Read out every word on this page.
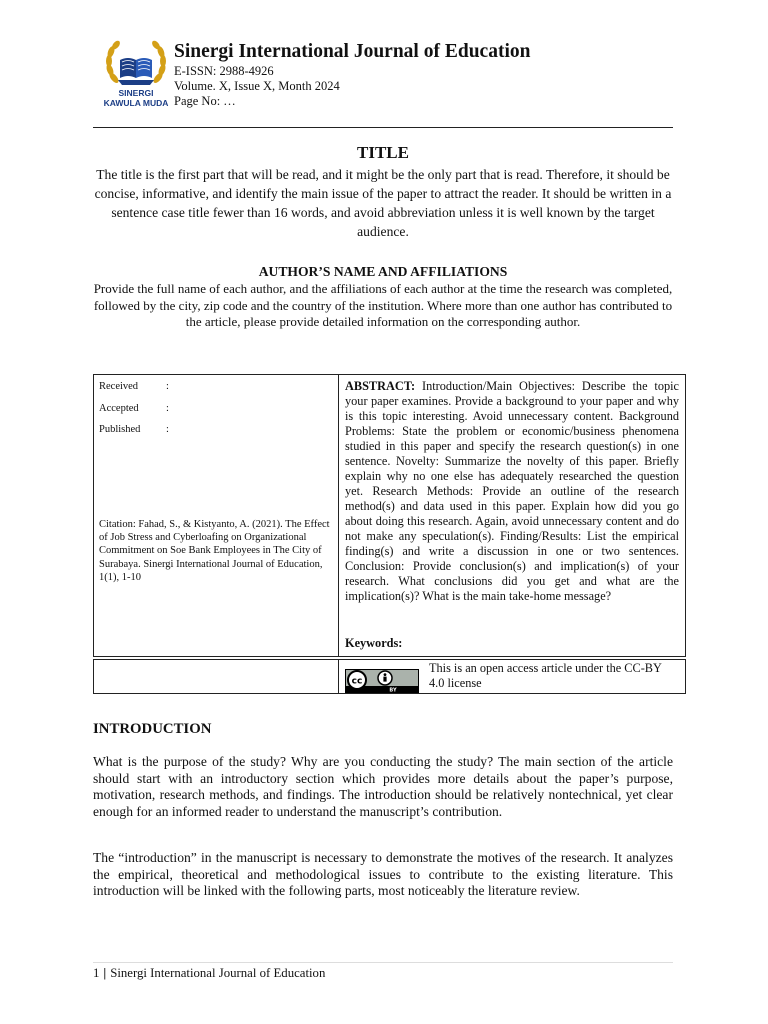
SINERGI
KAWULA MUDA
Sinergi International Journal of Education
E-ISSN: 2988-4926
Volume. X, Issue X, Month 2024
Page No: …
TITLE
The title is the first part that will be read, and it might be the only part that is read. Therefore, it should be concise, informative, and identify the main issue of the paper to attract the reader. It should be written in a sentence case title fewer than 16 words, and avoid abbreviation unless it is well known by the target audience.
AUTHOR’S NAME AND AFFILIATIONS
Provide the full name of each author, and the affiliations of each author at the time the research was completed, followed by the city, zip code and the country of the institution. Where more than one author has contributed to the article, please provide detailed information on the corresponding author.
Received	:
Accepted	:
Published :
Citation: Fahad, S., & Kistyanto, A. (2021). The Effect of Job Stress and Cyberloafing on Organizational Commitment on Soe Bank Employees in The City of Surabaya. Sinergi International Journal of Education, 1(1), 1-10
ABSTRACT: Introduction/Main Objectives: Describe the topic your paper examines. Provide a background to your paper and why is this topic interesting. Avoid unnecessary content. Background Problems: State the problem or economic/business phenomena studied in this paper and specify the research question(s) in one sentence. Novelty: Summarize the novelty of this paper. Briefly explain why no one else has adequately researched the question yet. Research Methods: Provide an outline of the research method(s) and data used in this paper. Explain how did you go about doing this research. Again, avoid unnecessary content and do not make any speculation(s). Finding/Results: List the empirical finding(s) and write a discussion in one or two sentences. Conclusion: Provide conclusion(s) and implication(s) of your research. What conclusions did you get and what are the implication(s)? What is the main take-home message?
Keywords:
cc
BY
This is an open access article under the CC-BY 4.0 license
INTRODUCTION
What is the purpose of the study? Why are you conducting the study? The main section of the article should start with an introductory section which provides more details about the paper’s purpose, motivation, research methods, and findings. The introduction should be relatively nontechnical, yet clear enough for an informed reader to understand the manuscript’s contribution.
The “introduction” in the manuscript is necessary to demonstrate the motives of the research. It analyzes the empirical, theoretical and methodological issues to contribute to the existing literature. This introduction will be linked with the following parts, most noticeably the literature review.
1 | Sinergi International Journal of Education
